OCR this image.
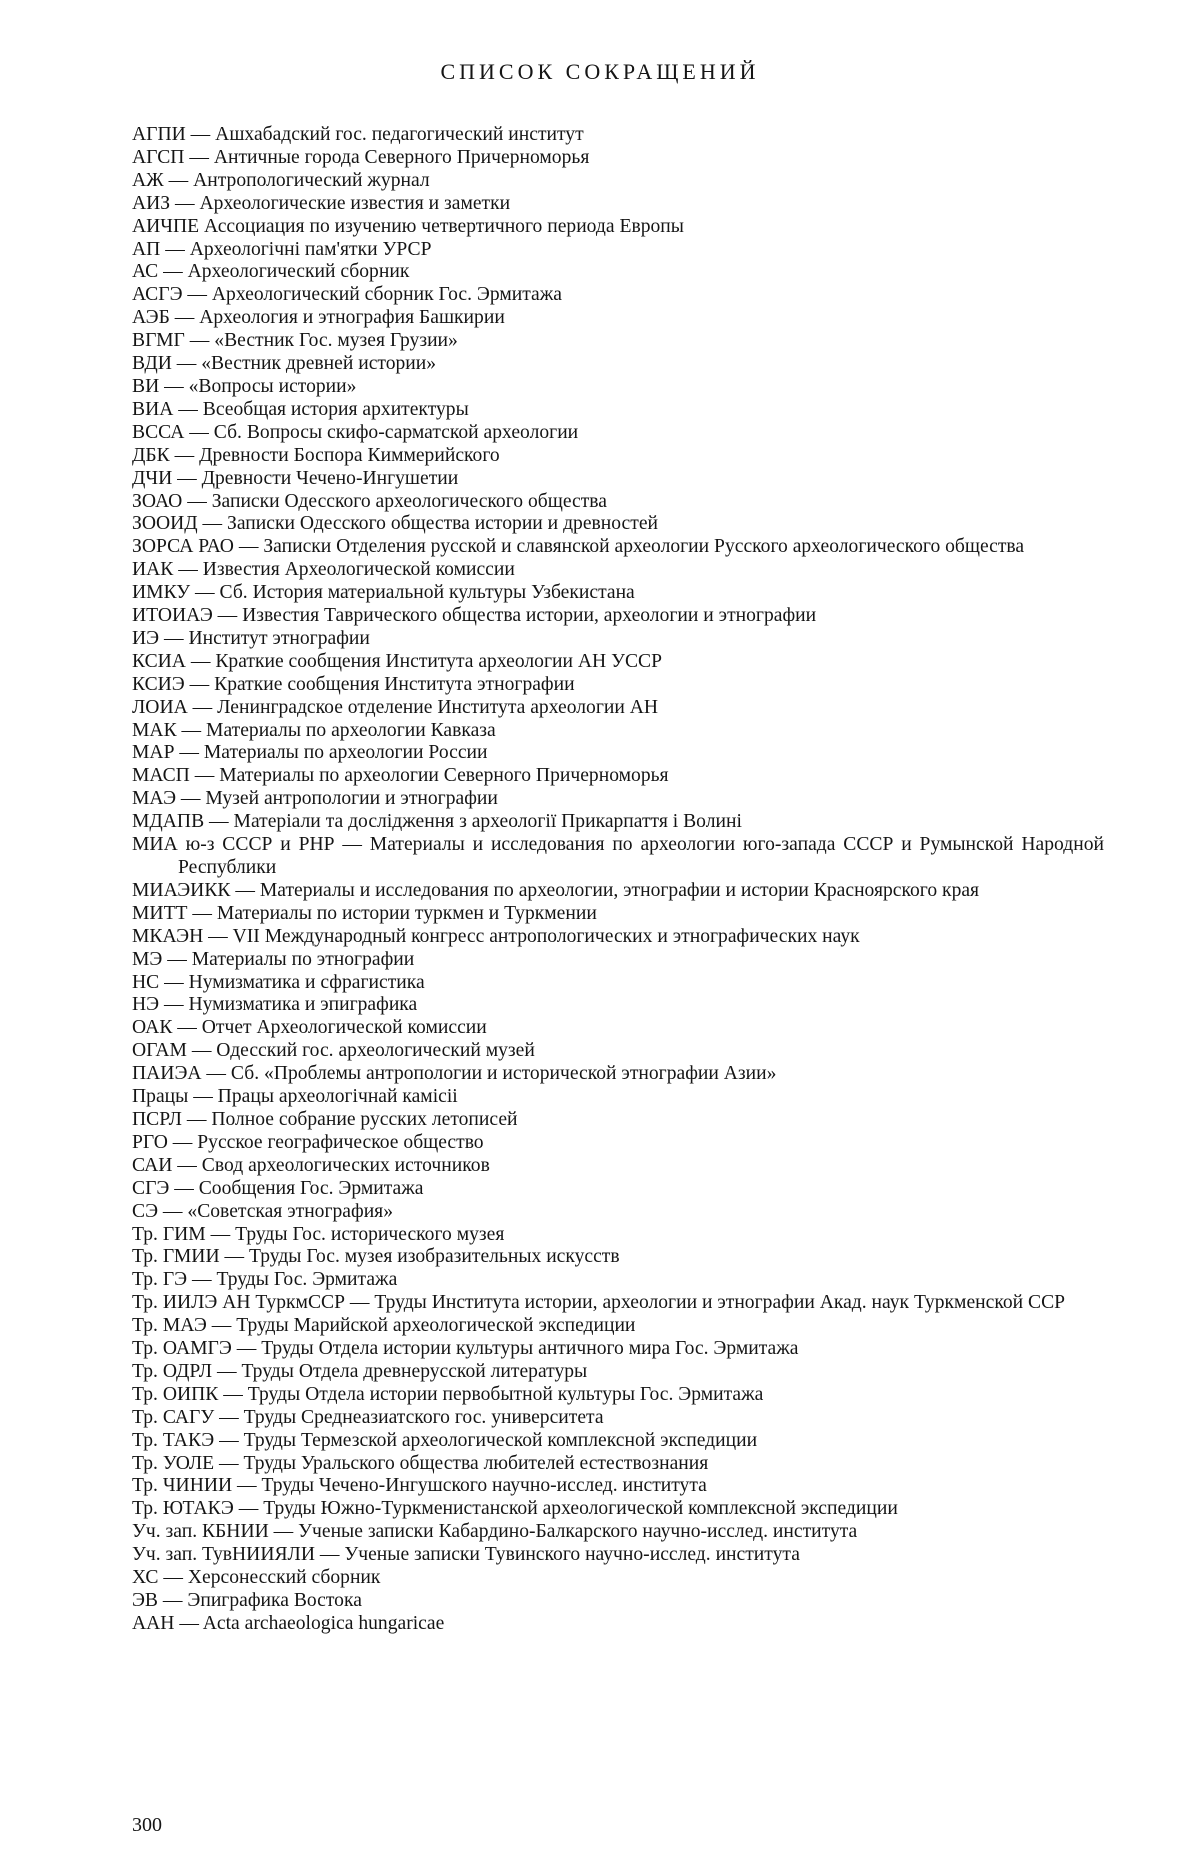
СПИСОК СОКРАЩЕНИЙ
АГПИ — Ашхабадский гос. педагогический институт
АГСП — Античные города Северного Причерноморья
АЖ — Антропологический журнал
АИЗ — Археологические известия и заметки
АИЧПЕ Ассоциация по изучению четвертичного периода Европы
АП — Археологічні пам'ятки УРСР
АС — Археологический сборник
АСГЭ — Археологический сборник Гос. Эрмитажа
АЭБ — Археология и этнография Башкирии
ВГМГ — «Вестник Гос. музея Грузии»
ВДИ — «Вестник древней истории»
ВИ — «Вопросы истории»
ВИА — Всеобщая история архитектуры
ВССА — Сб. Вопросы скифо-сарматской археологии
ДБК — Древности Боспора Киммерийского
ДЧИ — Древности Чечено-Ингушетии
ЗОАО — Записки Одесского археологического общества
ЗООИД — Записки Одесского общества истории и древностей
ЗОРСА РАО — Записки Отделения русской и славянской археологии Русского археологического общества
ИАК — Известия Археологической комиссии
ИМКУ — Сб. История материальной культуры Узбекистана
ИТОИАЭ — Известия Таврического общества истории, археологии и этнографии
ИЭ — Институт этнографии
КСИА — Краткие сообщения Института археологии АН УССР
КСИЭ — Краткие сообщения Института этнографии
ЛОИА — Ленинградское отделение Института археологии АН
МАК — Материалы по археологии Кавказа
МАР — Материалы по археологии России
МАСП — Материалы по археологии Северного Причерноморья
МАЭ — Музей антропологии и этнографии
МДАПВ — Матеріали та дослідження з археології Прикарпаття і Волині
МИА ю-з СССР и РНР — Материалы и исследования по археологии юго-запада СССР и Румынской Народной Республики
МИАЭИКК — Материалы и исследования по археологии, этнографии и истории Красноярского края
МИТТ — Материалы по истории туркмен и Туркмении
МКАЭН — VII Международный конгресс антропологических и этнографических наук
МЭ — Материалы по этнографии
НС — Нумизматика и сфрагистика
НЭ — Нумизматика и эпиграфика
ОАК — Отчет Археологической комиссии
ОГАМ — Одесский гос. археологический музей
ПАИЭА — Сб. «Проблемы антропологии и исторической этнографии Азии»
Працы — Працы археологічнай камісіі
ПСРЛ — Полное собрание русских летописей
РГО — Русское географическое общество
САИ — Свод археологических источников
СГЭ — Сообщения Гос. Эрмитажа
СЭ — «Советская этнография»
Тр. ГИМ — Труды Гос. исторического музея
Тр. ГМИИ — Труды Гос. музея изобразительных искусств
Тр. ГЭ — Труды Гос. Эрмитажа
Тр. ИИЛЭ АН ТуркмССР — Труды Института истории, археологии и этнографии Акад. наук Туркменской ССР
Тр. МАЭ — Труды Марийской археологической экспедиции
Тр. ОАМГЭ — Труды Отдела истории культуры античного мира Гос. Эрмитажа
Тр. ОДРЛ — Труды Отдела древнерусской литературы
Тр. ОИПК — Труды Отдела истории первобытной культуры Гос. Эрмитажа
Тр. САГУ — Труды Среднеазиатского гос. университета
Тр. ТАКЭ — Труды Термезской археологической комплексной экспедиции
Тр. УОЛЕ — Труды Уральского общества любителей естествознания
Тр. ЧИНИИ — Труды Чечено-Ингушского научно-исслед. института
Тр. ЮТАКЭ — Труды Южно-Туркменистанской археологической комплексной экспедиции
Уч. зап. КБНИИ — Ученые записки Кабардино-Балкарского научно-исслед. института
Уч. зап. ТувНИИЯЛИ — Ученые записки Тувинского научно-исслед. института
ХС — Херсонесский сборник
ЭВ — Эпиграфика Востока
AAH — Acta archaeologica hungaricae
300
